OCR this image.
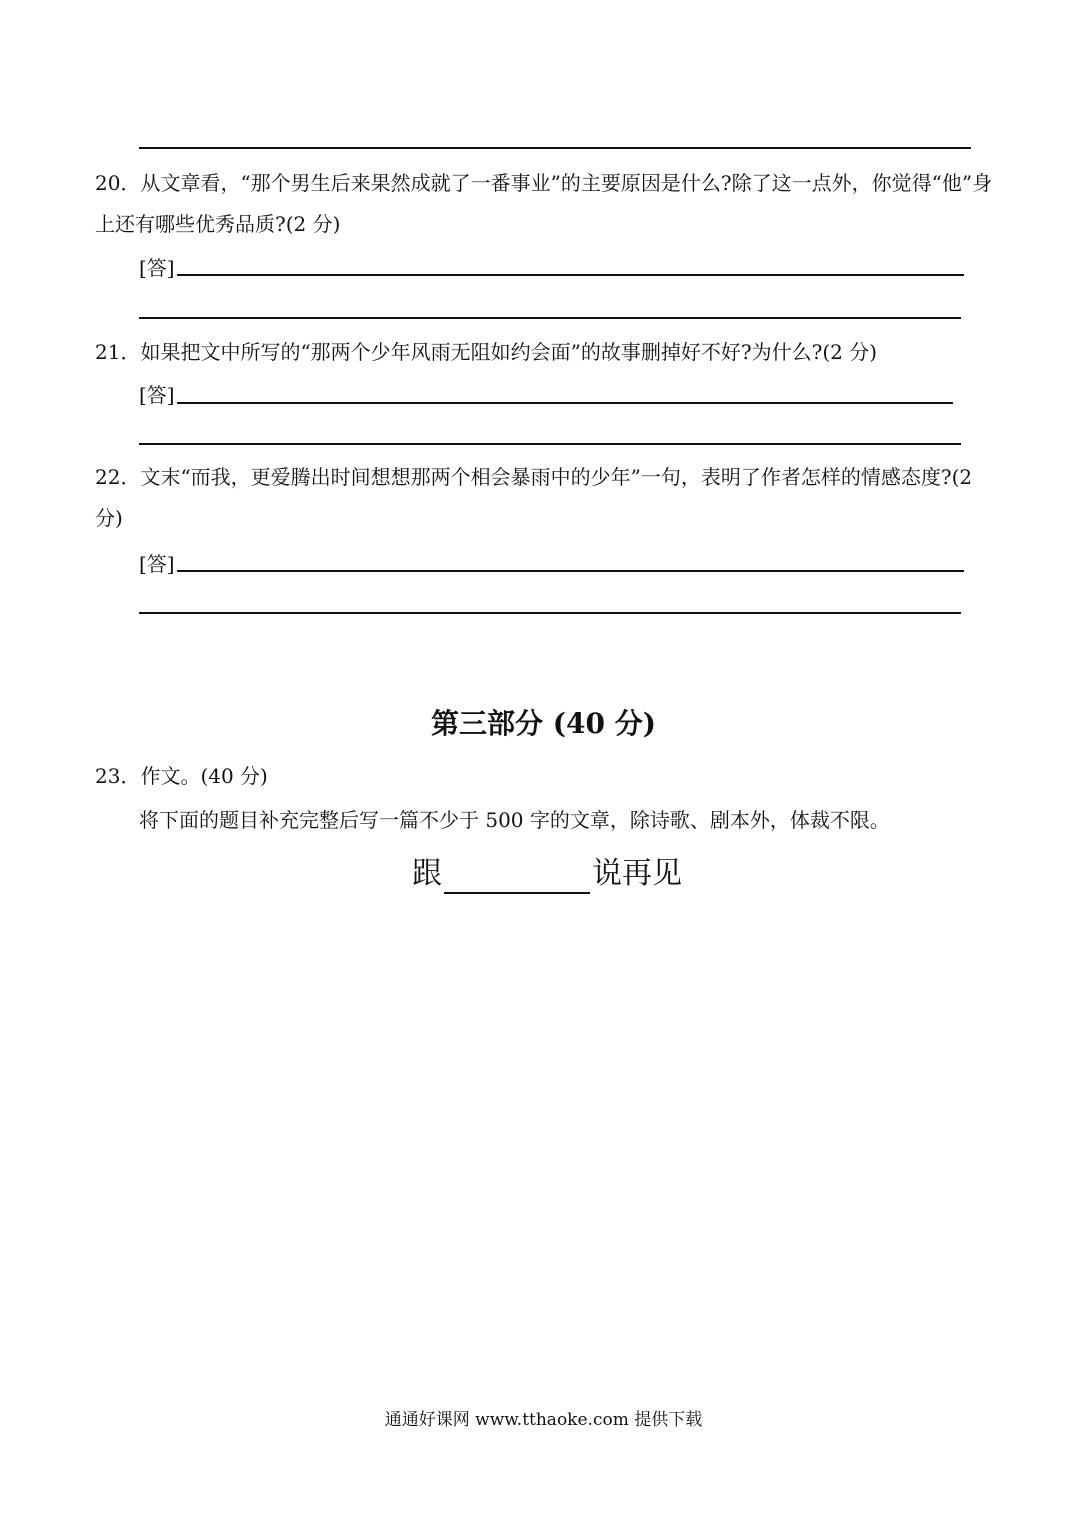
20．从文章看，“那个男生后来果然成就了一番事业”的主要原因是什么?除了这一点外，你觉得“他”身上还有哪些优秀品质?(2 分)
[答]
21．如果把文中所写的“那两个少年风雨无阻如约会面”的故事删掉好不好?为什么?(2 分)
[答]
22．文末“而我，更爱腾出时间想想那两个相会暴雨中的少年”一句，表明了作者怎样的情感态度?(2 分)
[答]
第三部分 (40 分)
23．作文。(40 分)
将下面的题目补充完整后写一篇不少于 500 字的文章，除诗歌、剧本外，体裁不限。
跟	说再见
通通好课网 www.tthaoke.com 提供下载
